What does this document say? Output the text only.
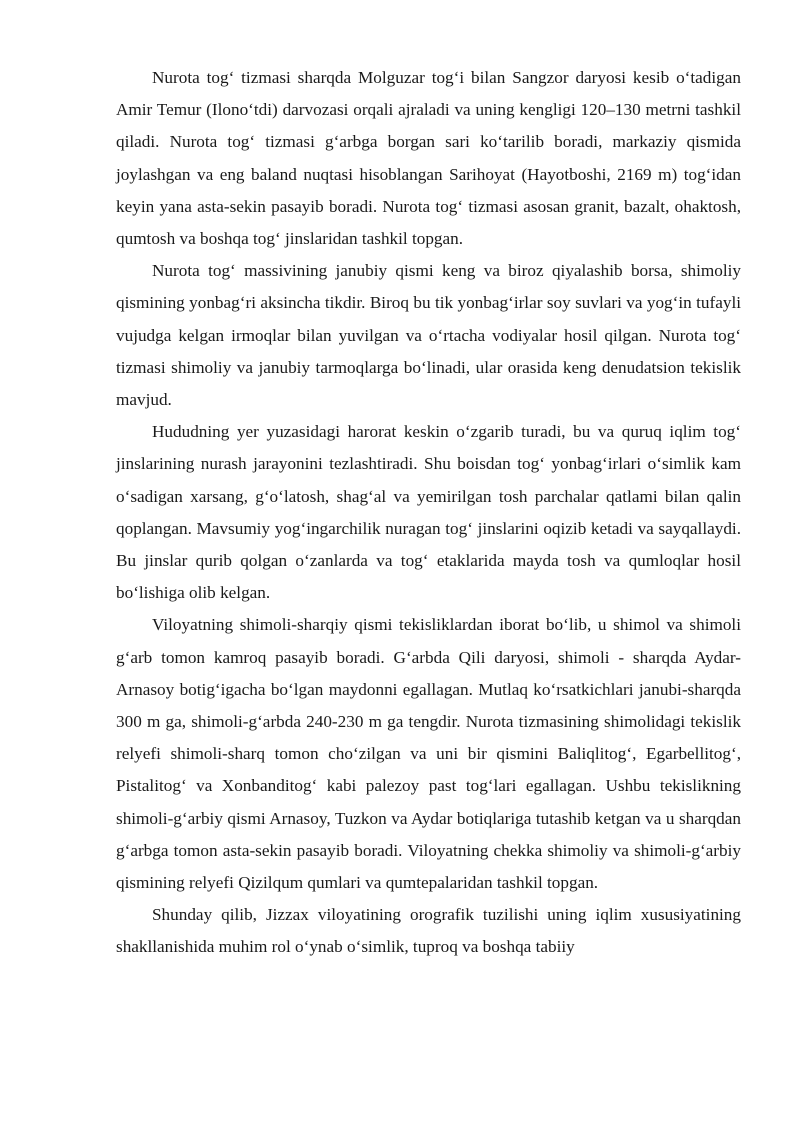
Nurota tog‘ tizmasi sharqda Molguzar tog‘i bilan Sangzor daryosi kesib o‘tadigan Amir Temur (Ilono‘tdi) darvozasi orqali ajraladi va uning kengligi 120–130 metrni tashkil qiladi. Nurota tog‘ tizmasi g‘arbga borgan sari ko‘tarilib boradi, markaziy qismida joylashgan va eng baland nuqtasi hisoblangan Sarihoyat (Hayotboshi, 2169 m) tog‘idan keyin yana asta-sekin pasayib boradi. Nurota tog‘ tizmasi asosan granit, bazalt, ohaktosh, qumtosh va boshqa tog‘ jinslaridan tashkil topgan.

Nurota tog‘ massivining janubiy qismi keng va biroz qiyalashib borsa, shimoliy qismining yonbag‘ri aksincha tikdir. Biroq bu tik yonbag‘irlar soy suvlari va yog‘in tufayli vujudga kelgan irmoqlar bilan yuvilgan va o‘rtacha vodiyalar hosil qilgan. Nurota tog‘ tizmasi shimoliy va janubiy tarmoqlarga bo‘linadi, ular orasida keng denudatsion tekislik mavjud.

Hududning yer yuzasidagi harorat keskin o‘zgarib turadi, bu va quruq iqlim tog‘ jinslarining nurash jarayonini tezlashtiradi. Shu boisdan tog‘ yonbag‘irlari o‘simlik kam o‘sadigan xarsang, g‘o‘latosh, shag‘al va yemirilgan tosh parchalar qatlami bilan qalin qoplangan. Mavsumiy yog‘ingarchilik nuragan tog‘ jinslarini oqizib ketadi va sayqallaydi. Bu jinslar qurib qolgan o‘zanlarda va tog‘ etaklarida mayda tosh va qumloqlar hosil bo‘lishiga olib kelgan.

Viloyatning shimoli-sharqiy qismi tekisliklardan iborat bo‘lib, u shimol va shimoli g‘arb tomon kamroq pasayib boradi. G‘arbda Qili daryosi, shimoli - sharqda Aydar-Arnasoy botig‘igacha bo‘lgan maydonni egallagan. Mutlaq ko‘rsatkichlari janubi-sharqda 300 m ga, shimoli-g‘arbda 240-230 m ga tengdir. Nurota tizmasining shimolidagi tekislik relyefi shimoli-sharq tomon cho‘zilgan va uni bir qismini Baliqlitog‘, Egarbellitog‘, Pistalitog‘ va Xonbanditog‘ kabi palezoy past tog‘lari egallagan. Ushbu tekislikning shimoli-g‘arbiy qismi Arnasoy, Tuzkon va Aydar botiqlariga tutashib ketgan va u sharqdan g‘arbga tomon asta-sekin pasayib boradi. Viloyatning chekka shimoliy va shimoli-g‘arbiy qismining relyefi Qizilqum qumlari va qumtepalaridan tashkil topgan.

Shunday qilib, Jizzax viloyatining orografik tuzilishi uning iqlim xususiyatining shakllanishida muhim rol o‘ynab o‘simlik, tuproq va boshqa tabiiy
